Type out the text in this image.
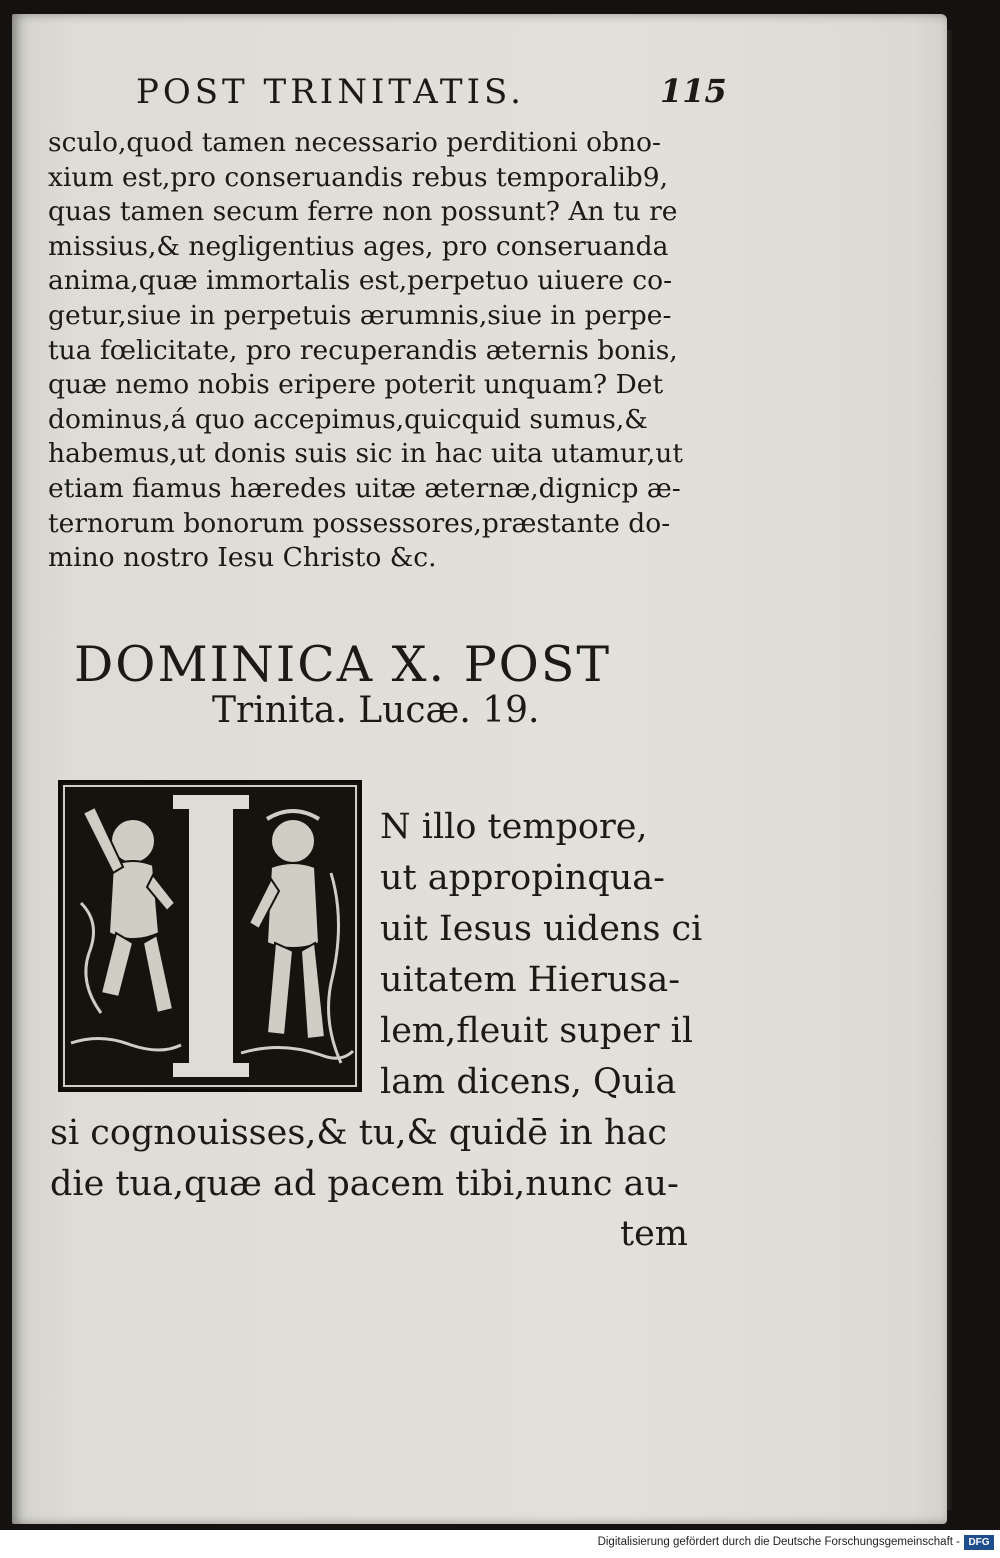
POST TRINITATIS.	115
sculo,quod tamen necessario perditioni obno-
xium est,pro conseruandis rebus temporalib9,
quas tamen secum ferre non possunt? An tu re
missius,& negligentius ages, pro conseruanda
anima,quæ immortalis est,perpetuo uiuere co-
getur,siue in perpetuis ærumnis,siue in perpe-
tua fœlicitate, pro recuperandis æternis bonis,
quæ nemo nobis eripere poterit unquam? Det
dominus,á quo accepimus,quicquid sumus,&
habemus,ut donis suis sic in hac uita utamur,ut
etiam fiamus hæredes uitæ æternæ,dignicp æ-
ternorum bonorum possessores,præstante do-
mino nostro Iesu Christo &c.
DOMINICA X. POST
Trinita. Lucæ. 19.
N illo tempore,
ut appropinqua-
uit Iesus uidens ci
uitatem Hierusa-
lem,fleuit super il
lam dicens, Quia
si cognouisses,& tu,& quidē in hac
die tua,quæ ad pacem tibi,nunc au-
tem
Digitalisierung gefördert durch die Deutsche Forschungsgemeinschaft - DFG
